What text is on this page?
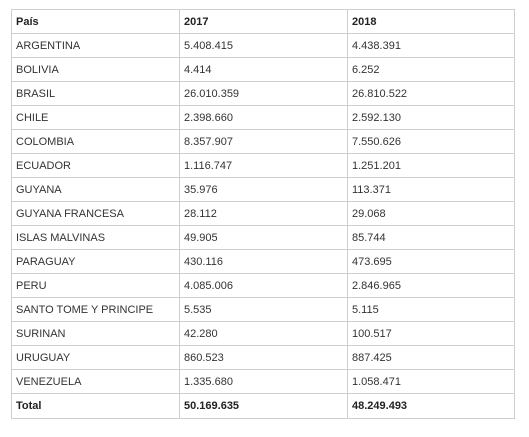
País	2017	2018
ARGENTINA	5.408.415	4.438.391
BOLIVIA	4.414	6.252
BRASIL	26.010.359	26.810.522
CHILE	2.398.660	2.592.130
COLOMBIA	8.357.907	7.550.626
ECUADOR	1.116.747	1.251.201
GUYANA	35.976	113.371
GUYANA FRANCESA	28.112	29.068
ISLAS MALVINAS	49.905	85.744
PARAGUAY	430.116	473.695
PERU	4.085.006	2.846.965
SANTO TOME Y PRINCIPE	5.535	5.115
SURINAN	42.280	100.517
URUGUAY	860.523	887.425
VENEZUELA	1.335.680	1.058.471
Total	50.169.635	48.249.493
